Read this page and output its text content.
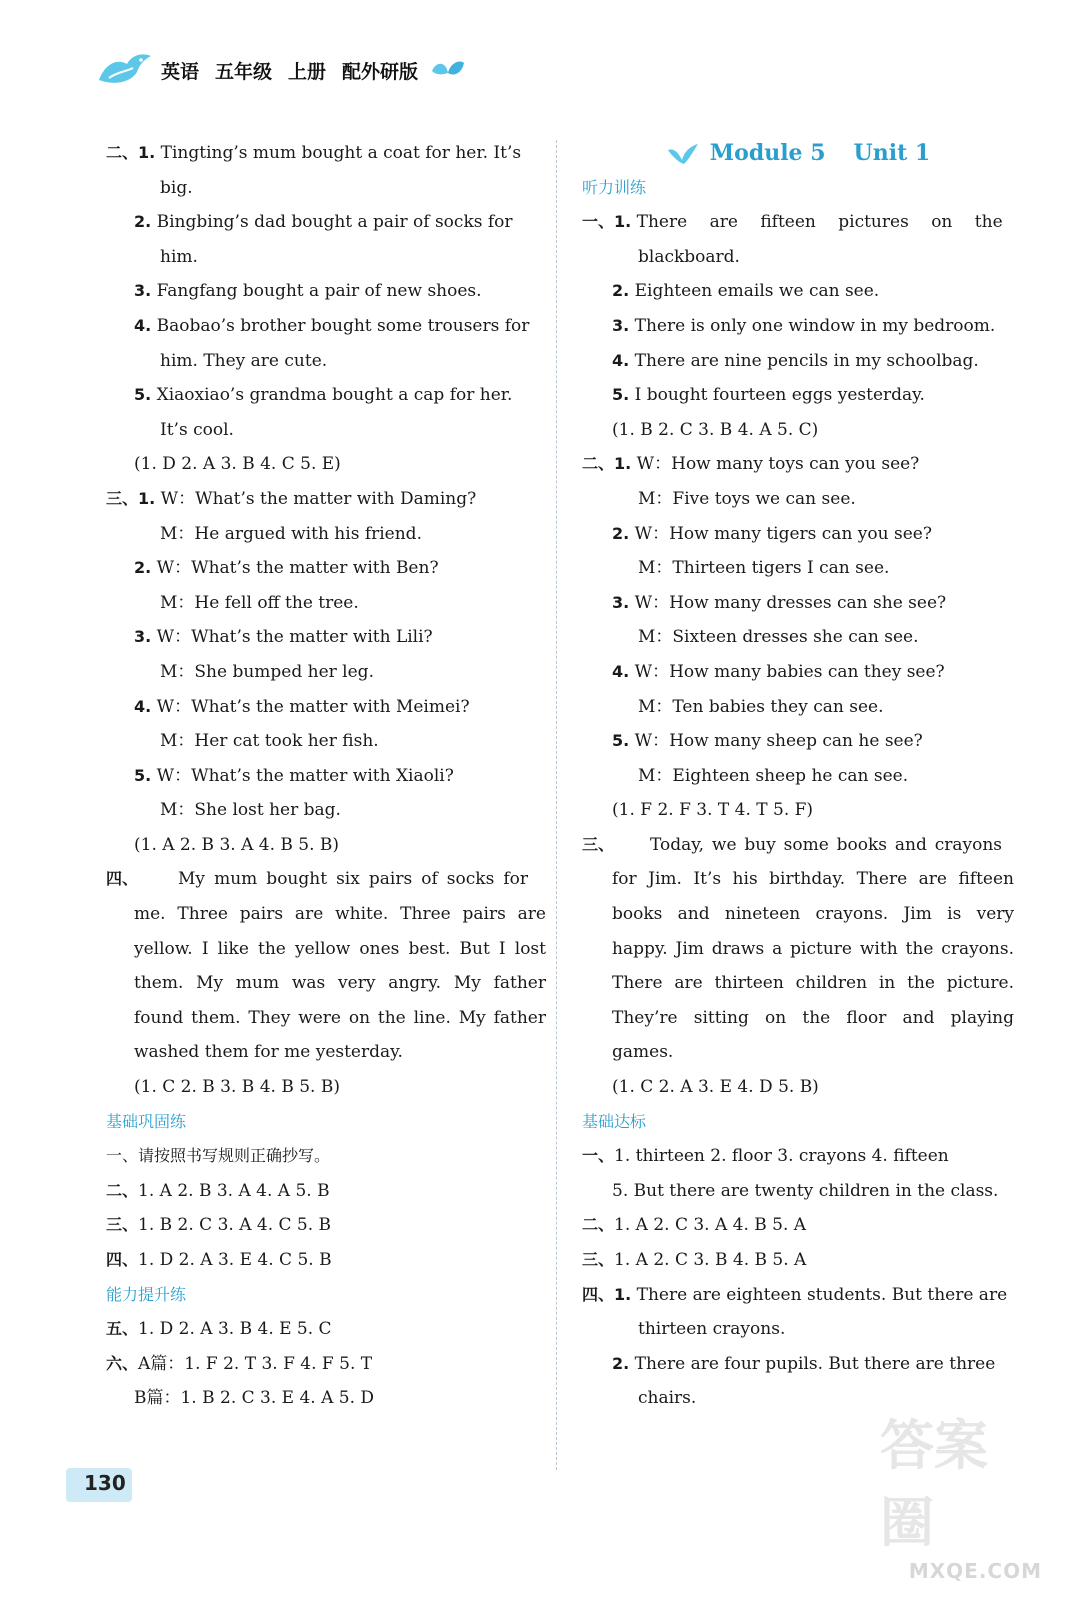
英语 五年级 上册 配外研版
二、1. Tingting’s mum bought a coat for her. It’s
big.
2. Bingbing’s dad bought a pair of socks for
him.
3. Fangfang bought a pair of new shoes.
4. Baobao’s brother bought some trousers for
him. They are cute.
5. Xiaoxiao’s grandma bought a cap for her.
It’s cool.
(1. D 2. A 3. B 4. C 5. E)
三、1. W：What’s the matter with Daming?
M：He argued with his friend.
2. W：What’s the matter with Ben?
M：He fell off the tree.
3. W：What’s the matter with Lili?
M：She bumped her leg.
4. W：What’s the matter with Meimei?
M：Her cat took her fish.
5. W：What’s the matter with Xiaoli?
M：She lost her bag.
(1. A 2. B 3. A 4. B 5. B)
四、 My mum bought six pairs of socks for
me. Three pairs are white. Three pairs are
yellow. I like the yellow ones best. But I lost
them. My mum was very angry. My father
found them. They were on the line. My father
washed them for me yesterday.
(1. C 2. B 3. B 4. B 5. B)
基础巩固练
一、请按照书写规则正确抄写。
二、1. A 2. B 3. A 4. A 5. B
三、1. B 2. C 3. A 4. C 5. B
四、1. D 2. A 3. E 4. C 5. B
能力提升练
五、1. D 2. A 3. B 4. E 5. C
六、A篇：1. F 2. T 3. F 4. F 5. T
B篇：1. B 2. C 3. E 4. A 5. D
Module 5 Unit 1
听力训练
一、1. There are fifteen pictures on the
blackboard.
2. Eighteen emails we can see.
3. There is only one window in my bedroom.
4. There are nine pencils in my schoolbag.
5. I bought fourteen eggs yesterday.
(1. B 2. C 3. B 4. A 5. C)
二、1. W：How many toys can you see?
M：Five toys we can see.
2. W：How many tigers can you see?
M：Thirteen tigers I can see.
3. W：How many dresses can she see?
M：Sixteen dresses she can see.
4. W：How many babies can they see?
M：Ten babies they can see.
5. W：How many sheep can he see?
M：Eighteen sheep he can see.
(1. F 2. F 3. T 4. T 5. F)
三、 Today, we buy some books and crayons
for Jim. It’s his birthday. There are fifteen
books and nineteen crayons. Jim is very
happy. Jim draws a picture with the crayons.
There are thirteen children in the picture.
They’re sitting on the floor and playing
games.
(1. C 2. A 3. E 4. D 5. B)
基础达标
一、1. thirteen 2. floor 3. crayons 4. fifteen
5. But there are twenty children in the class.
二、1. A 2. C 3. A 4. B 5. A
三、1. A 2. C 3. B 4. B 5. A
四、1. There are eighteen students. But there are
thirteen crayons.
2. There are four pupils. But there are three
chairs.
130
答案圈
MXQE.COM
